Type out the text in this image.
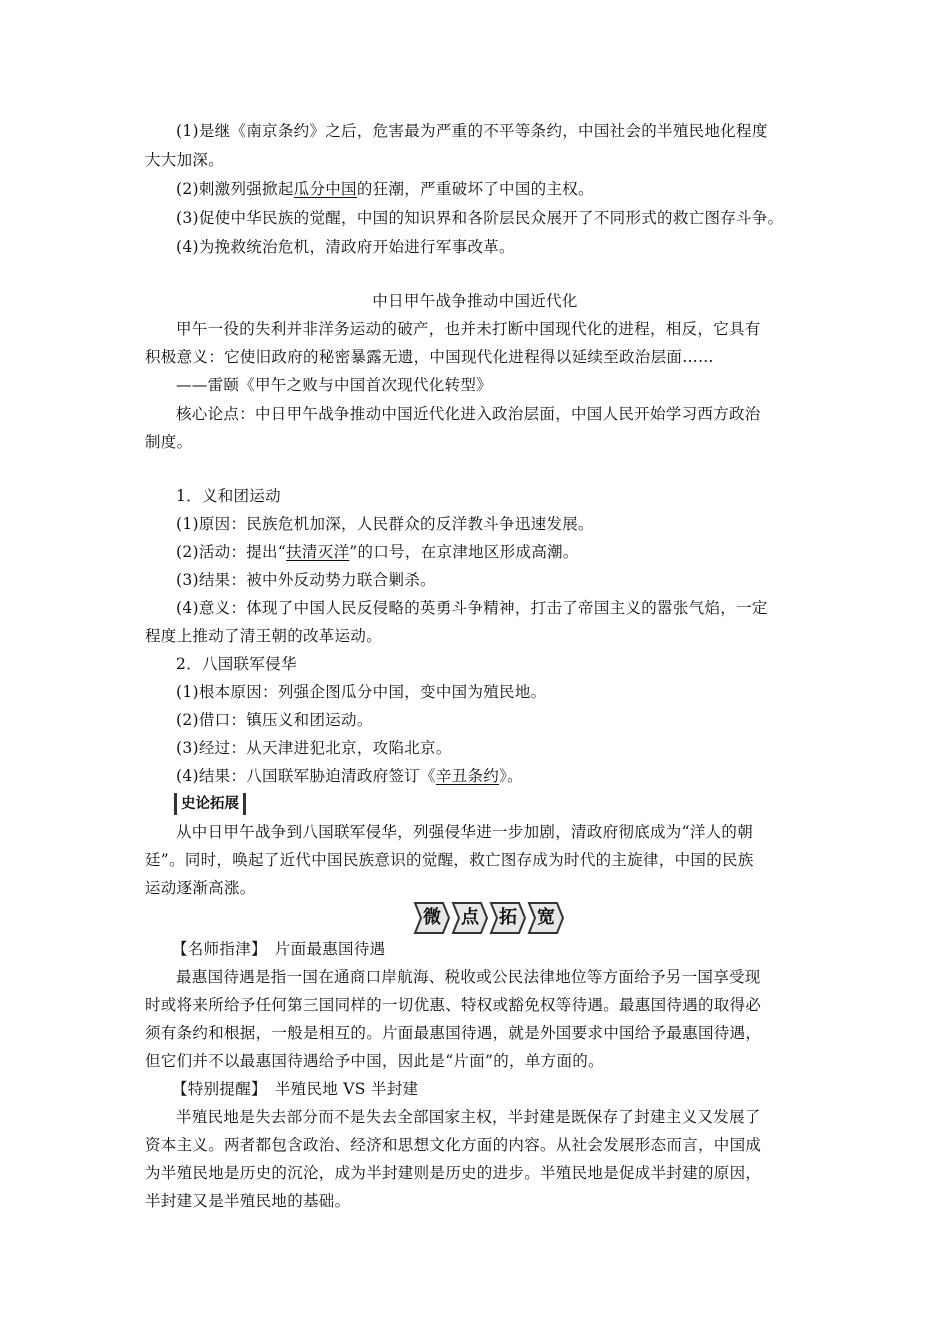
(1)是继《南京条约》之后，危害最为严重的不平等条约，中国社会的半殖民地化程度
大大加深。
(2)刺激列强掀起瓜分中国的狂潮，严重破坏了中国的主权。
(3)促使中华民族的觉醒，中国的知识界和各阶层民众展开了不同形式的救亡图存斗争。
(4)为挽救统治危机，清政府开始进行军事改革。
中日甲午战争推动中国近代化
甲午一役的失利并非洋务运动的破产，也并未打断中国现代化的进程，相反，它具有
积极意义：它使旧政府的秘密暴露无遗，中国现代化进程得以延续至政治层面……
——雷颐《甲午之败与中国首次现代化转型》
核心论点：中日甲午战争推动中国近代化进入政治层面，中国人民开始学习西方政治
制度。
1．义和团运动
(1)原因：民族危机加深，人民群众的反洋教斗争迅速发展。
(2)活动：提出“扶清灭洋”的口号，在京津地区形成高潮。
(3)结果：被中外反动势力联合剿杀。
(4)意义：体现了中国人民反侵略的英勇斗争精神，打击了帝国主义的嚣张气焰，一定
程度上推动了清王朝的改革运动。
2．八国联军侵华
(1)根本原因：列强企图瓜分中国，变中国为殖民地。
(2)借口：镇压义和团运动。
(3)经过：从天津进犯北京，攻陷北京。
(4)结果：八国联军胁迫清政府签订《辛丑条约》。
史论拓展
从中日甲午战争到八国联军侵华，列强侵华进一步加剧，清政府彻底成为“洋人的朝
廷”。同时，唤起了近代中国民族意识的觉醒，救亡图存成为时代的主旋律，中国的民族
运动逐渐高涨。
微	点	拓	宽
【名师指津】　片面最惠国待遇
最惠国待遇是指一国在通商口岸航海、税收或公民法律地位等方面给予另一国享受现
时或将来所给予任何第三国同样的一切优惠、特权或豁免权等待遇。最惠国待遇的取得必
须有条约和根据，一般是相互的。片面最惠国待遇，就是外国要求中国给予最惠国待遇，
但它们并不以最惠国待遇给予中国，因此是“片面”的，单方面的。
【特别提醒】　半殖民地 VS 半封建
半殖民地是失去部分而不是失去全部国家主权，半封建是既保存了封建主义又发展了
资本主义。两者都包含政治、经济和思想文化方面的内容。从社会发展形态而言，中国成
为半殖民地是历史的沉沦，成为半封建则是历史的进步。半殖民地是促成半封建的原因，
半封建又是半殖民地的基础。
